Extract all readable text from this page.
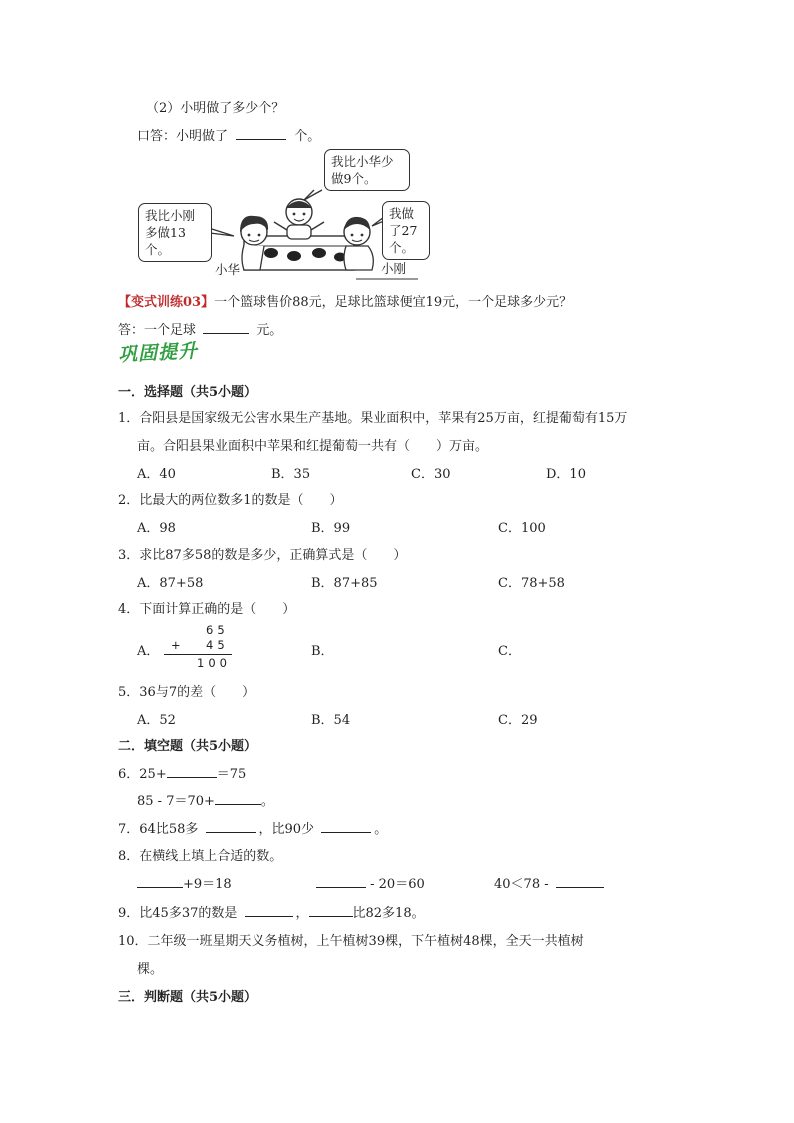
（2）小明做了多少个？
口答：小明做了	个。
我比小华少做9个。
我比小刚多做13个。
我做了27个。
小华	小刚
【变式训练03】一个篮球售价88元，足球比篮球便宜19元，一个足球多少元？
答：一个足球	元。
巩固提升
一．选择题（共5小题）
1．合阳县是国家级无公害水果生产基地。果业面积中，苹果有25万亩，红提葡萄有15万
亩。合阳县果业面积中苹果和红提葡萄一共有（　　）万亩。
A．40	B．35	C．30	D．10
2．比最大的两位数多1的数是（　　）
A．98	B．99	C．100
3．求比87多58的数是多少，正确算式是（　　）
A．87+58	B．87+85	C．78+58
4．下面计算正确的是（　　）
A．
65
+ 45
100
B．	C．
5．36与7的差（　　）
A．52	B．54	C．29
二．填空题（共5小题）
6．25+	＝75
85 - 7＝70+	。
7．64比58多	，比90少	。
8．在横线上填上合适的数。
+9＝18	- 20＝60	40＜78 -
9．比45多37的数是	，	比82多18。
10．二年级一班星期天义务植树，上午植树39棵，下午植树48棵，全天一共植树
棵。
三．判断题（共5小题）
